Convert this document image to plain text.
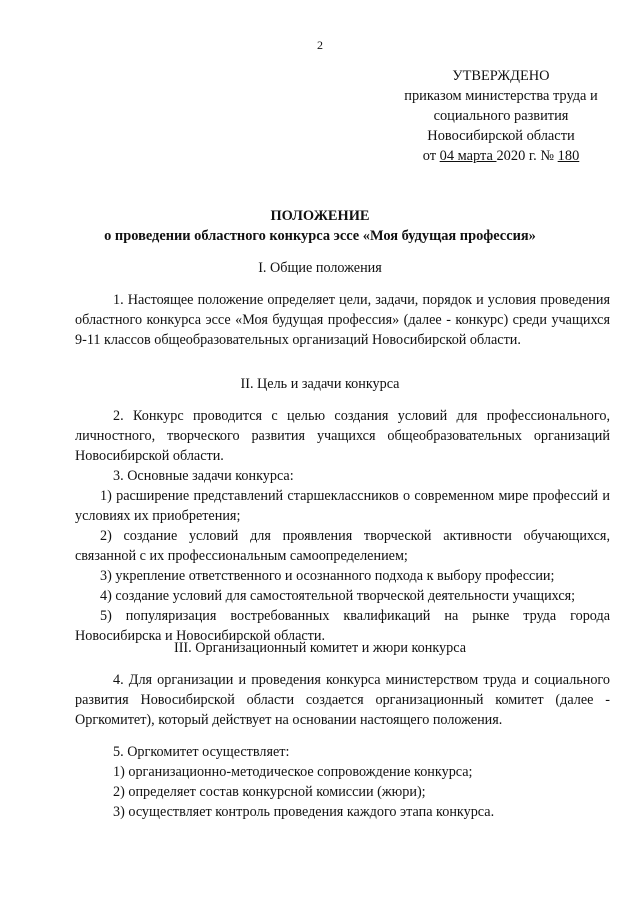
2
УТВЕРЖДЕНО
приказом министерства труда и
социального развития
Новосибирской области
от 04 марта 2020 г. № 180
ПОЛОЖЕНИЕ
о проведении областного конкурса эссе «Моя будущая профессия»
I. Общие положения
1. Настоящее положение определяет цели, задачи, порядок и условия проведения областного конкурса эссе «Моя будущая профессия» (далее - конкурс) среди учащихся 9-11 классов общеобразовательных организаций Новосибирской области.
II. Цель и задачи конкурса
2. Конкурс проводится с целью создания условий для профессионального, личностного, творческого развития учащихся общеобразовательных организаций Новосибирской области.
3. Основные задачи конкурса:
1) расширение представлений старшеклассников о современном мире профессий и условиях их приобретения;
2) создание условий для проявления творческой активности обучающихся, связанной с их профессиональным самоопределением;
3) укрепление ответственного и осознанного подхода к выбору профессии;
4) создание условий для самостоятельной творческой деятельности учащихся;
5) популяризация востребованных квалификаций на рынке труда города Новосибирска и Новосибирской области.
III. Организационный комитет и жюри конкурса
4. Для организации и проведения конкурса министерством труда и социального развития Новосибирской области создается организационный комитет (далее - Оргкомитет), который действует на основании настоящего положения.
5. Оргкомитет осуществляет:
1) организационно-методическое сопровождение конкурса;
2) определяет состав конкурсной комиссии (жюри);
3) осуществляет контроль проведения каждого этапа конкурса.
